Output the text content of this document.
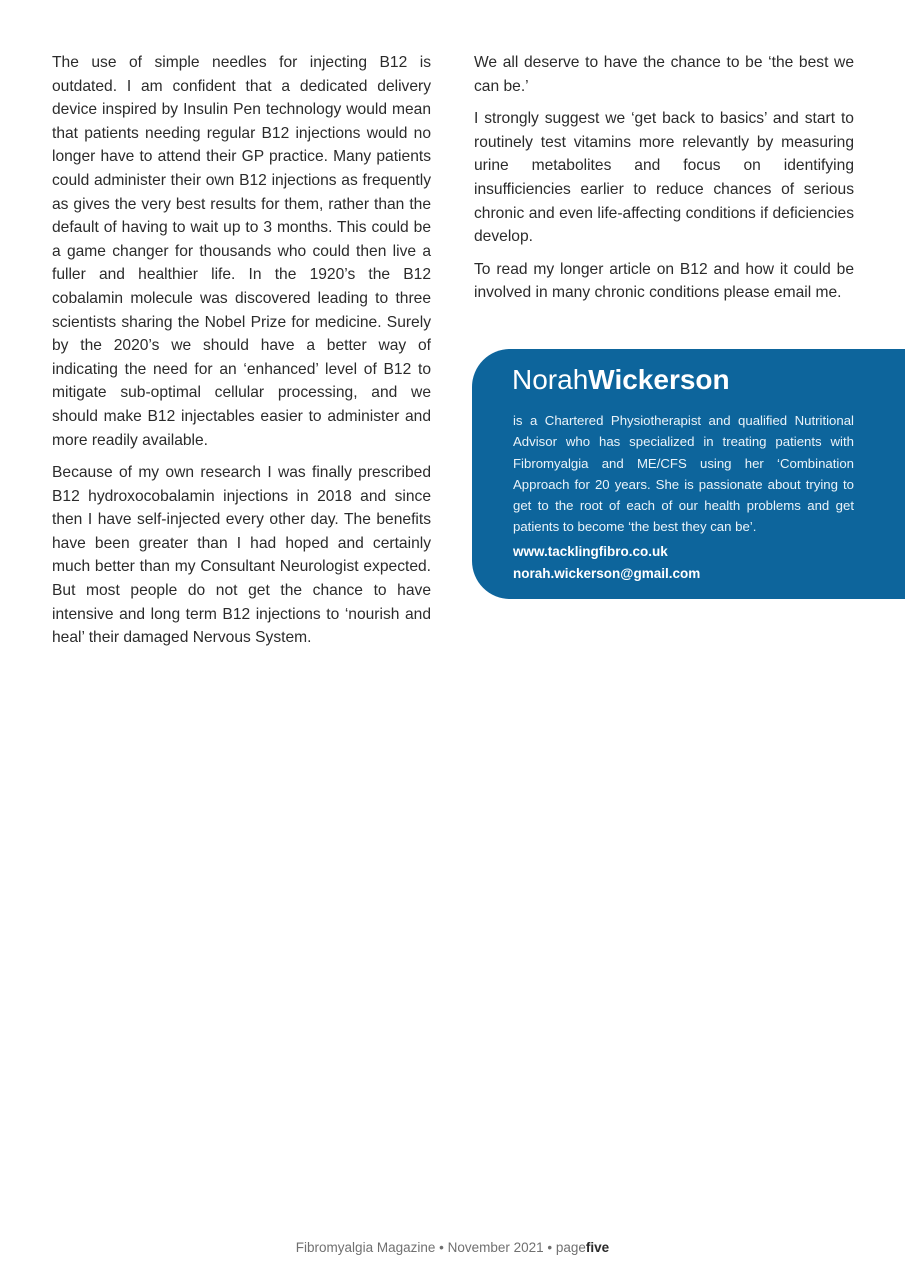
The use of simple needles for injecting B12 is outdated. I am confident that a dedicated delivery device inspired by Insulin Pen technology would mean that patients needing regular B12 injections would no longer have to attend their GP practice. Many patients could administer their own B12 injections as frequently as gives the very best results for them, rather than the default of having to wait up to 3 months. This could be a game changer for thousands who could then live a fuller and healthier life. In the 1920’s the B12 cobalamin molecule was discovered leading to three scientists sharing the Nobel Prize for medicine. Surely by the 2020’s we should have a better way of indicating the need for an ‘enhanced’ level of B12 to mitigate sub-optimal cellular processing, and we should make B12 injectables easier to administer and more readily available.

Because of my own research I was finally prescribed B12 hydroxocobalamin injections in 2018 and since then I have self-injected every other day. The benefits have been greater than I had hoped and certainly much better than my Consultant Neurologist expected. But most people do not get the chance to have intensive and long term B12 injections to ‘nourish and heal’ their damaged Nervous System.

We all deserve to have the chance to be ‘the best we can be.’

I strongly suggest we ‘get back to basics’ and start to routinely test vitamins more relevantly by measuring urine metabolites and focus on identifying insufficiencies earlier to reduce chances of serious chronic and even life-affecting conditions if deficiencies develop.

To read my longer article on B12 and how it could be involved in many chronic conditions please email me.

NorahWickerson

is a Chartered Physiotherapist and qualified Nutritional Advisor who has specialized in treating patients with Fibromyalgia and ME/CFS using her ‘Combination Approach for 20 years. She is passionate about trying to get to the root of each of our health problems and get patients to become ‘the best they can be’.

www.tacklingfibro.co.uk
norah.wickerson@gmail.com
Fibromyalgia Magazine • November 2021 • pagefive
